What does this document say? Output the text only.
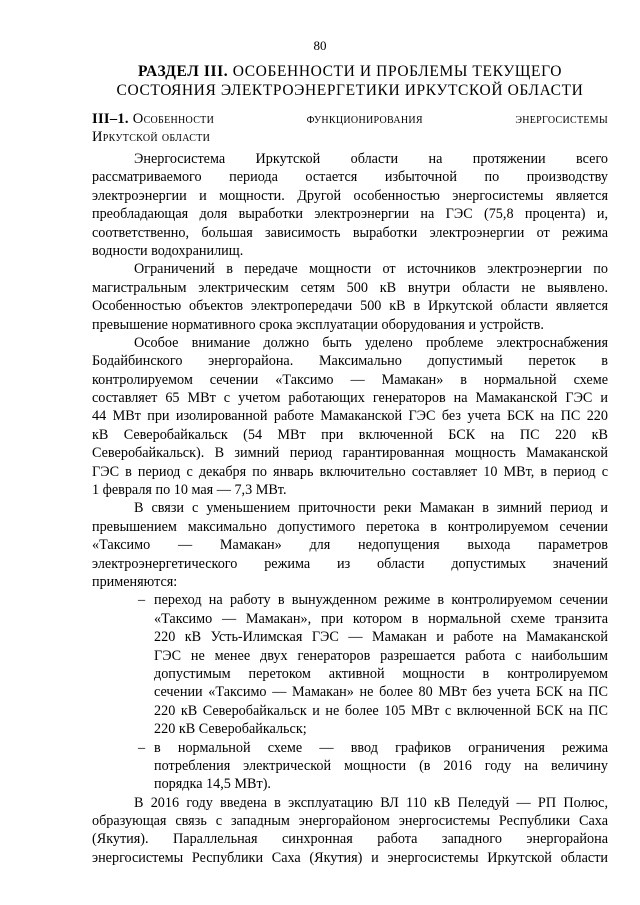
80
РАЗДЕЛ III. ОСОБЕННОСТИ И ПРОБЛЕМЫ ТЕКУЩЕГО
СОСТОЯНИЯ ЭЛЕКТРОЭНЕРГЕТИКИ ИРКУТСКОЙ ОБЛАСТИ
III–1. Особенности	функционирования	энергосистемы
Иркутской области
Энергосистема Иркутской области на протяжении всего
рассматриваемого периода остается избыточной по производству
электроэнергии и мощности. Другой особенностью энергосистемы является
преобладающая доля выработки электроэнергии на ГЭС (75,8 процента) и,
соответственно, большая зависимость выработки электроэнергии от режима
водности водохранилищ.
Ограничений в передаче мощности от источников электроэнергии по
магистральным электрическим сетям 500 кВ внутри области не выявлено.
Особенностью объектов электропередачи 500 кВ в Иркутской области является
превышение нормативного срока эксплуатации оборудования и устройств.
Особое внимание должно быть уделено проблеме электроснабжения
Бодайбинского энергорайона. Максимально допустимый переток в
контролируемом сечении «Таксимо — Мамакан» в нормальной схеме
составляет 65 МВт с учетом работающих генераторов на Мамаканской ГЭС и
44 МВт при изолированной работе Мамаканской ГЭС без учета БСК на ПС 220
кВ Северобайкальск (54 МВт при включенной БСК на ПС 220 кВ
Северобайкальск). В зимний период гарантированная мощность Мамаканской
ГЭС в период с декабря по январь включительно составляет 10 МВт, в период с
1 февраля по 10 мая — 7,3 МВт.
В связи с уменьшением приточности реки Мамакан в зимний период и
превышением максимально допустимого перетока в контролируемом сечении
«Таксимо — Мамакан» для недопущения выхода параметров
электроэнергетического режима из области допустимых значений
применяются:
– переход на работу в вынужденном режиме в контролируемом сечении
«Таксимо — Мамакан», при котором в нормальной схеме транзита
220 кВ Усть-Илимская ГЭС — Мамакан и работе на Мамаканской
ГЭС не менее двух генераторов разрешается работа с наибольшим
допустимым перетоком активной мощности в контролируемом
сечении «Таксимо — Мамакан» не более 80 МВт без учета БСК на ПС
220 кВ Северобайкальск и не более 105 МВт с включенной БСК на ПС
220 кВ Северобайкальск;
– в нормальной схеме — ввод графиков ограничения режима
потребления электрической мощности (в 2016 году на величину
порядка 14,5 МВт).
В 2016 году введена в эксплуатацию ВЛ 110 кВ Пеледуй — РП Полюс,
образующая связь с западным энергорайоном энергосистемы Республики Саха
(Якутия). Параллельная синхронная работа западного энергорайона
энергосистемы Республики Саха (Якутия) и энергосистемы Иркутской области
